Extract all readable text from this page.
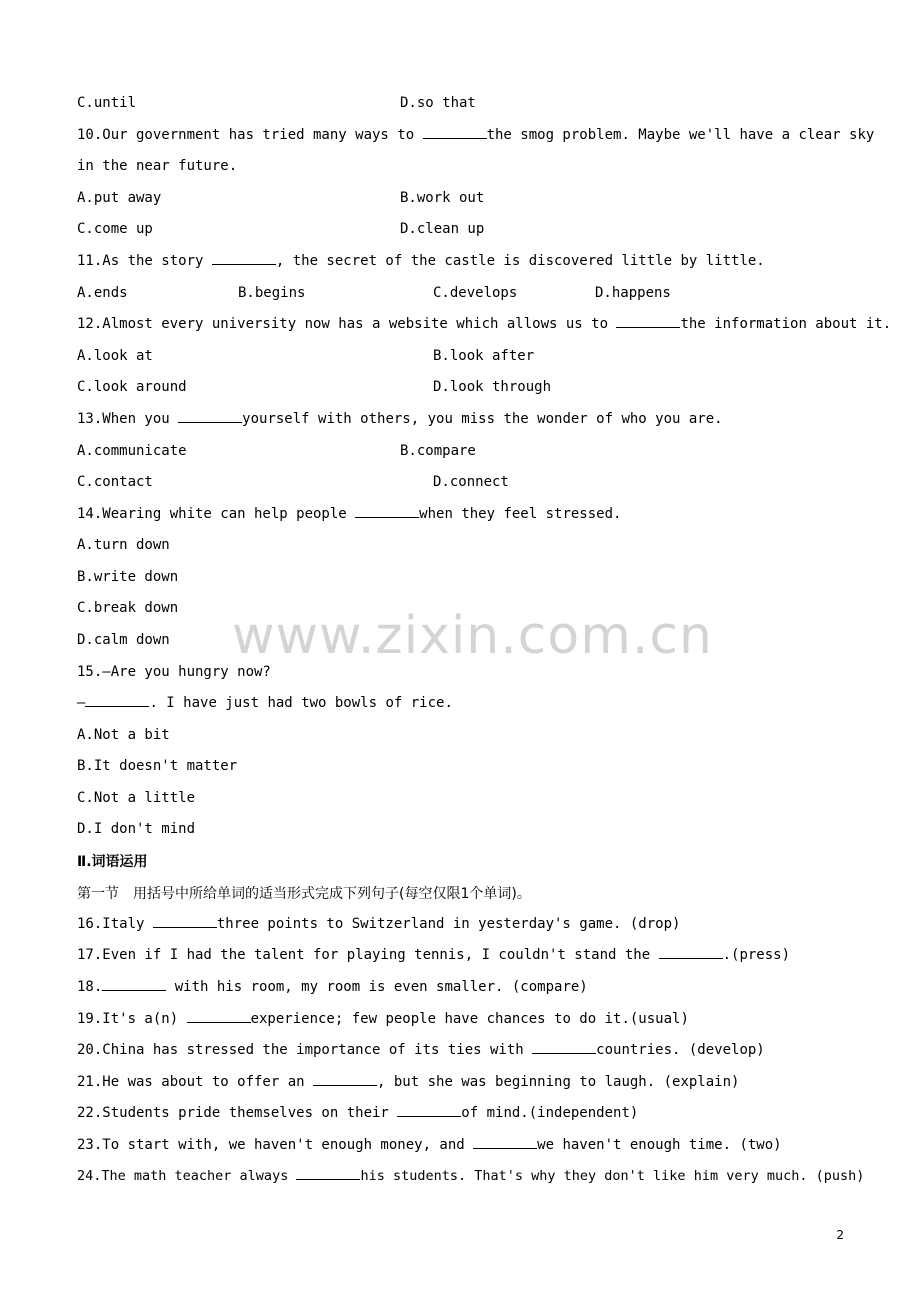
C.until	D.so that
10.Our government has tried many ways to	the smog problem. Maybe we'll have a clear sky
in the near future.
A.put away	B.work out
C.come up	D.clean up
11.As the story	, the secret of the castle is discovered little by little.
A.ends	B.begins	C.develops	D.happens
12.Almost every university now has a website which allows us to	the information about it.
A.look at	B.look after
C.look around	D.look through
13.When you	yourself with others, you miss the wonder of who you are.
A.communicate	B.compare
C.contact	D.connect
14.Wearing white can help people	when they feel stressed.
A.turn down
B.write down
C.break down
D.calm down
15.—Are you hungry now?
—	. I have just had two bowls of rice.
A.Not a bit
B.It doesn't matter
C.Not a little
D.I don't mind
Ⅱ.词语运用
第一节　用括号中所给单词的适当形式完成下列句子(每空仅限1个单词)。
16.Italy	three points to Switzerland in yesterday's game. (drop)
17.Even if I had the talent for playing tennis, I couldn't stand the	.(press)
18.	with his room, my room is even smaller. (compare)
19.It's a(n)	experience; few people have chances to do it.(usual)
20.China has stressed the importance of its ties with	countries. (develop)
21.He was about to offer an	, but she was beginning to laugh. (explain)
22.Students pride themselves on their	of mind.(independent)
23.To start with, we haven't enough money, and	we haven't enough time. (two)
24.The math teacher always	his students. That's why they don't like him very much. (push)
www.zixin.com.cn
2
